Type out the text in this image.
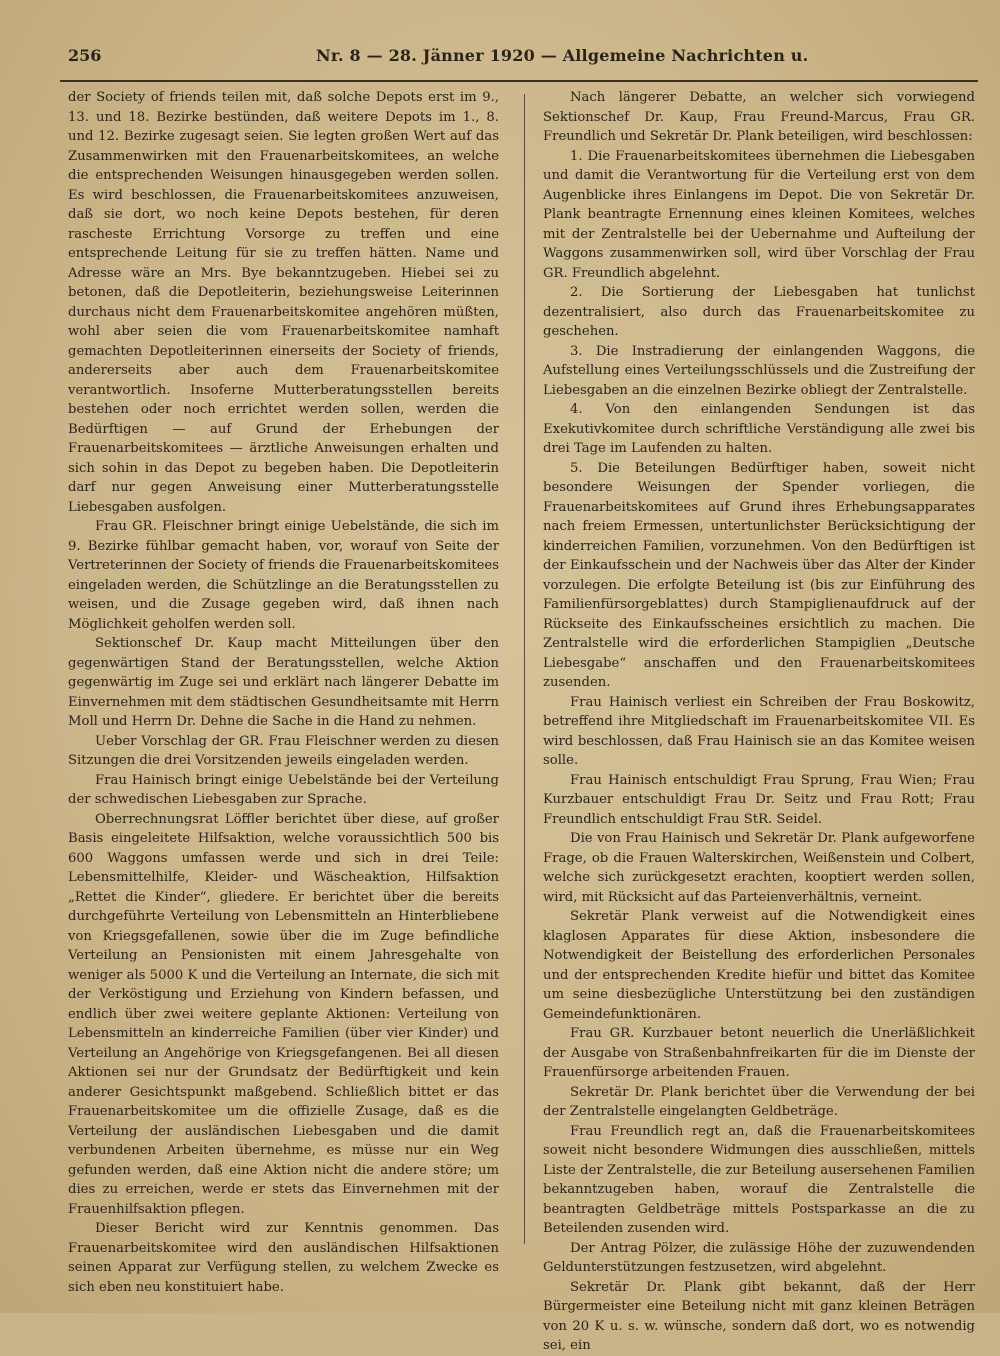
256	Nr. 8 — 28. Jänner 1920 — Allgemeine Nachrichten u.

der Society of friends teilen mit, daß solche Depots erst im 9., 13. und 18. Bezirke bestünden, daß weitere Depots im 1., 8. und 12. Bezirke zugesagt seien. Sie legten großen Wert auf das Zusammenwirken mit den Frauenarbeitskomitees, an welche die entsprechenden Weisungen hinausgegeben werden sollen. Es wird beschlossen, die Frauenarbeitskomitees anzuweisen, daß sie dort, wo noch keine Depots bestehen, für deren rascheste Errichtung Vorsorge zu treffen und eine entsprechende Leitung für sie zu treffen hätten. Name und Adresse wäre an Mrs. Bye bekanntzugeben. Hiebei sei zu betonen, daß die Depotleiterin, beziehungsweise Leiterinnen durchaus nicht dem Frauenarbeitskomitee angehören müßten, wohl aber seien die vom Frauenarbeitskomitee namhaft gemachten Depotleiterinnen einerseits der Society of friends, andererseits aber auch dem Frauenarbeitskomitee verantwortlich. Insoferne Mutterberatungsstellen bereits bestehen oder noch errichtet werden sollen, werden die Bedürftigen — auf Grund der Erhebungen der Frauenarbeitskomitees — ärztliche Anweisungen erhalten und sich sohin in das Depot zu begeben haben. Die Depotleiterin darf nur gegen Anweisung einer Mutterberatungsstelle Liebesgaben ausfolgen.

Frau GR. Fleischner bringt einige Uebelstände, die sich im 9. Bezirke fühlbar gemacht haben, vor, worauf von Seite der Vertreterinnen der Society of friends die Frauenarbeitskomitees eingeladen werden, die Schützlinge an die Beratungsstellen zu weisen, und die Zusage gegeben wird, daß ihnen nach Möglichkeit geholfen werden soll.

Sektionschef Dr. Kaup macht Mitteilungen über den gegenwärtigen Stand der Beratungsstellen, welche Aktion gegenwärtig im Zuge sei und erklärt nach längerer Debatte im Einvernehmen mit dem städtischen Gesundheitsamte mit Herrn Moll und Herrn Dr. Dehne die Sache in die Hand zu nehmen.

Ueber Vorschlag der GR. Frau Fleischner werden zu diesen Sitzungen die drei Vorsitzenden jeweils eingeladen werden.

Frau Hainisch bringt einige Uebelstände bei der Verteilung der schwedischen Liebesgaben zur Sprache.

Oberrechnungsrat Löffler berichtet über diese, auf großer Basis eingeleitete Hilfsaktion, welche voraussichtlich 500 bis 600 Waggons umfassen werde und sich in drei Teile: Lebensmittelhilfe, Kleider- und Wäscheaktion, Hilfsaktion „Rettet die Kinder“, gliedere. Er berichtet über die bereits durchgeführte Verteilung von Lebensmitteln an Hinterbliebene von Kriegsgefallenen, sowie über die im Zuge befindliche Verteilung an Pensionisten mit einem Jahresgehalte von weniger als 5000 K und die Verteilung an Internate, die sich mit der Verköstigung und Erziehung von Kindern befassen, und endlich über zwei weitere geplante Aktionen: Verteilung von Lebensmitteln an kinderreiche Familien (über vier Kinder) und Verteilung an Angehörige von Kriegsgefangenen. Bei all diesen Aktionen sei nur der Grundsatz der Bedürftigkeit und kein anderer Gesichtspunkt maßgebend. Schließlich bittet er das Frauenarbeitskomitee um die offizielle Zusage, daß es die Verteilung der ausländischen Liebesgaben und die damit verbundenen Arbeiten übernehme, es müsse nur ein Weg gefunden werden, daß eine Aktion nicht die andere störe; um dies zu erreichen, werde er stets das Einvernehmen mit der Frauenhilfsaktion pflegen.

Dieser Bericht wird zur Kenntnis genommen. Das Frauenarbeitskomitee wird den ausländischen Hilfsaktionen seinen Apparat zur Verfügung stellen, zu welchem Zwecke es sich eben neu konstituiert habe.

Nach längerer Debatte, an welcher sich vorwiegend Sektionschef Dr. Kaup, Frau Freund-Marcus, Frau GR. Freundlich und Sekretär Dr. Plank beteiligen, wird beschlossen:

1. Die Frauenarbeitskomitees übernehmen die Liebesgaben und damit die Verantwortung für die Verteilung erst von dem Augenblicke ihres Einlangens im Depot. Die von Sekretär Dr. Plank beantragte Ernennung eines kleinen Komitees, welches mit der Zentralstelle bei der Uebernahme und Aufteilung der Waggons zusammenwirken soll, wird über Vorschlag der Frau GR. Freundlich abgelehnt.

2. Die Sortierung der Liebesgaben hat tunlichst dezentralisiert, also durch das Frauenarbeitskomitee zu geschehen.

3. Die Instradierung der einlangenden Waggons, die Aufstellung eines Verteilungsschlüssels und die Zustreifung der Liebesgaben an die einzelnen Bezirke obliegt der Zentralstelle.

4. Von den einlangenden Sendungen ist das Exekutivkomitee durch schriftliche Verständigung alle zwei bis drei Tage im Laufenden zu halten.

5. Die Beteilungen Bedürftiger haben, soweit nicht besondere Weisungen der Spender vorliegen, die Frauenarbeitskomitees auf Grund ihres Erhebungsapparates nach freiem Ermessen, untertunlichster Berücksichtigung der kinderreichen Familien, vorzunehmen. Von den Bedürftigen ist der Einkaufsschein und der Nachweis über das Alter der Kinder vorzulegen. Die erfolgte Beteilung ist (bis zur Einführung des Familienfürsorgeblattes) durch Stampiglienaufdruck auf der Rückseite des Einkaufsscheines ersichtlich zu machen. Die Zentralstelle wird die erforderlichen Stampiglien „Deutsche Liebesgabe“ anschaffen und den Frauenarbeitskomitees zusenden.

Frau Hainisch verliest ein Schreiben der Frau Boskowitz, betreffend ihre Mitgliedschaft im Frauenarbeitskomitee VII. Es wird beschlossen, daß Frau Hainisch sie an das Komitee weisen solle.

Frau Hainisch entschuldigt Frau Sprung, Frau Wien; Frau Kurzbauer entschuldigt Frau Dr. Seitz und Frau Rott; Frau Freundlich entschuldigt Frau StR. Seidel.

Die von Frau Hainisch und Sekretär Dr. Plank aufgeworfene Frage, ob die Frauen Walterskirchen, Weißenstein und Colbert, welche sich zurückgesetzt erachten, kooptiert werden sollen, wird, mit Rücksicht auf das Parteienverhältnis, verneint.

Sekretär Plank verweist auf die Notwendigkeit eines klaglosen Apparates für diese Aktion, insbesondere die Notwendigkeit der Beistellung des erforderlichen Personales und der entsprechenden Kredite hiefür und bittet das Komitee um seine diesbezügliche Unterstützung bei den zuständigen Gemeindefunktionären.

Frau GR. Kurzbauer betont neuerlich die Unerläßlichkeit der Ausgabe von Straßenbahnfreikarten für die im Dienste der Frauenfürsorge arbeitenden Frauen.

Sekretär Dr. Plank berichtet über die Verwendung der bei der Zentralstelle eingelangten Geldbeträge.

Frau Freundlich regt an, daß die Frauenarbeitskomitees soweit nicht besondere Widmungen dies ausschließen, mittels Liste der Zentralstelle, die zur Beteilung ausersehenen Familien bekanntzugeben haben, worauf die Zentralstelle die beantragten Geldbeträge mittels Postsparkasse an die zu Beteilenden zusenden wird.

Der Antrag Pölzer, die zulässige Höhe der zuzuwendenden Geldunterstützungen festzusetzen, wird abgelehnt.

Sekretär Dr. Plank gibt bekannt, daß der Herr Bürgermeister eine Beteilung nicht mit ganz kleinen Beträgen von 20 K u. s. w. wünsche, sondern daß dort, wo es notwendig sei, ein
